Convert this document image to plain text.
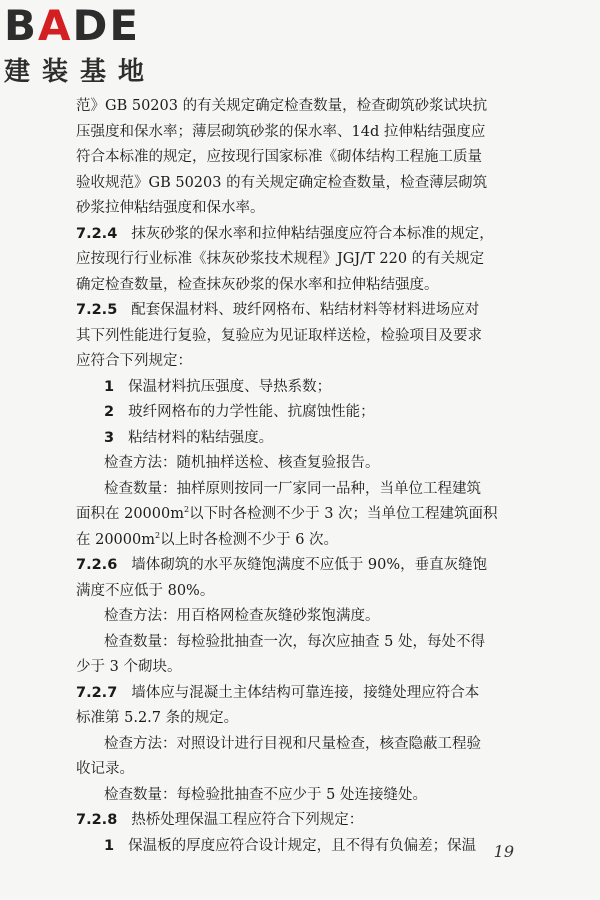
BADE
建装基地
范》GB 50203 的有关规定确定检查数量，检查砌筑砂浆试块抗
压强度和保水率；薄层砌筑砂浆的保水率、14d 拉伸粘结强度应
符合本标准的规定，应按现行国家标准《砌体结构工程施工质量
验收规范》GB 50203 的有关规定确定检查数量，检查薄层砌筑
砂浆拉伸粘结强度和保水率。
7.2.4 抹灰砂浆的保水率和拉伸粘结强度应符合本标准的规定，
应按现行行业标准《抹灰砂浆技术规程》JGJ/T 220 的有关规定
确定检查数量，检查抹灰砂浆的保水率和拉伸粘结强度。
7.2.5 配套保温材料、玻纤网格布、粘结材料等材料进场应对
其下列性能进行复验，复验应为见证取样送检，检验项目及要求
应符合下列规定：
1 保温材料抗压强度、导热系数；
2 玻纤网格布的力学性能、抗腐蚀性能；
3 粘结材料的粘结强度。
检查方法：随机抽样送检、核查复验报告。
检查数量：抽样原则按同一厂家同一品种，当单位工程建筑
面积在 $20000m^2$以下时各检测不少于 3 次；当单位工程建筑面积
在 $20000m^2$以上时各检测不少于 6 次。
7.2.6 墙体砌筑的水平灰缝饱满度不应低于 90%，垂直灰缝饱
满度不应低于 80%。
检查方法：用百格网检查灰缝砂浆饱满度。
检查数量：每检验批抽查一次，每次应抽查 5 处，每处不得
少于 3 个砌块。
7.2.7 墙体应与混凝土主体结构可靠连接，接缝处理应符合本
标准第 5.2.7 条的规定。
检查方法：对照设计进行目视和尺量检查，核查隐蔽工程验
收记录。
检查数量：每检验批抽查不应少于 5 处连接缝处。
7.2.8 热桥处理保温工程应符合下列规定：
1 保温板的厚度应符合设计规定，且不得有负偏差；保温	19
